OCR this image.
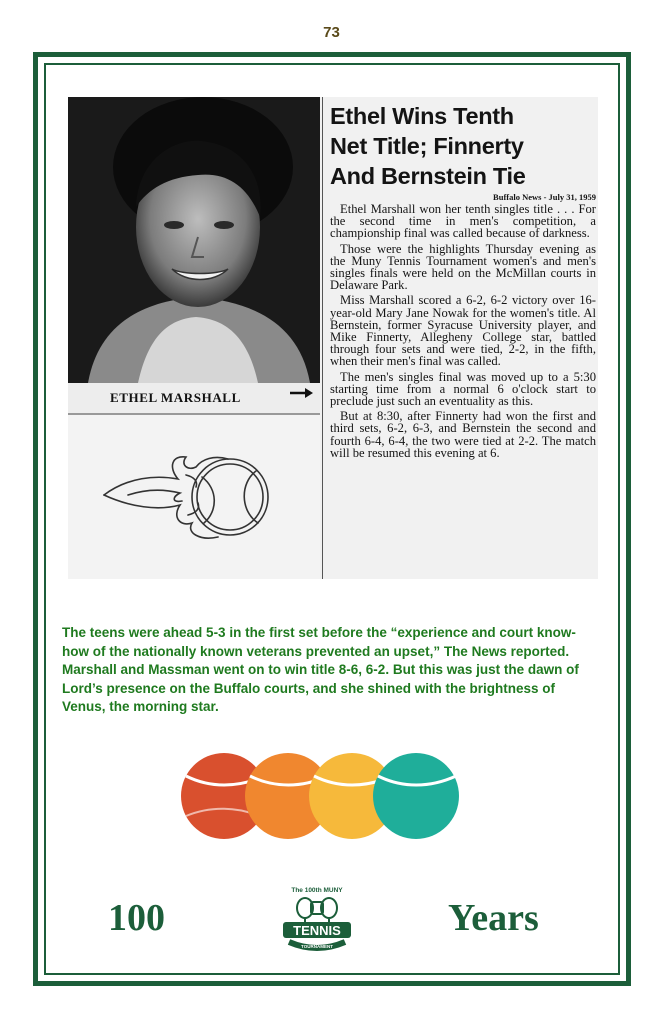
73
ETHEL MARSHALL
Ethel Wins Tenth
Net Title; Finnerty
And Bernstein Tie
Buffalo News - July 31, 1959

Ethel Marshall won her tenth singles title . . . For the second time in men's competition, a championship final was called because of darkness.

Those were the highlights Thursday evening as the Muny Tennis Tournament women's and men's singles finals were held on the McMillan courts in Delaware Park.

Miss Marshall scored a 6-2, 6-2 victory over 16-year-old Mary Jane Nowak for the women's title. Al Bernstein, former Syracuse University player, and Mike Finnerty, Allegheny College star, battled through four sets and were tied, 2-2, in the fifth, when their men's final was called.

The men's singles final was moved up to a 5:30 starting time from a normal 6 o'clock start to preclude just such an eventuality as this.

But at 8:30, after Finnerty had won the first and third sets, 6-2, 6-3, and Bernstein the second and fourth 6-4, 6-4, the two were tied at 2-2. The match will be resumed this evening at 6.

The teens were ahead 5-3 in the first set before the “experience and court know-how of the nationally known veterans prevented an upset,” The News reported. Marshall and Massman went on to win title 8-6, 6-2. But this was just the dawn of Lord’s presence on the Buffalo courts, and she shined with the brightness of Venus, the morning star.

100	Years
The 100th MUNY
TENNIS
TOURNAMENT
